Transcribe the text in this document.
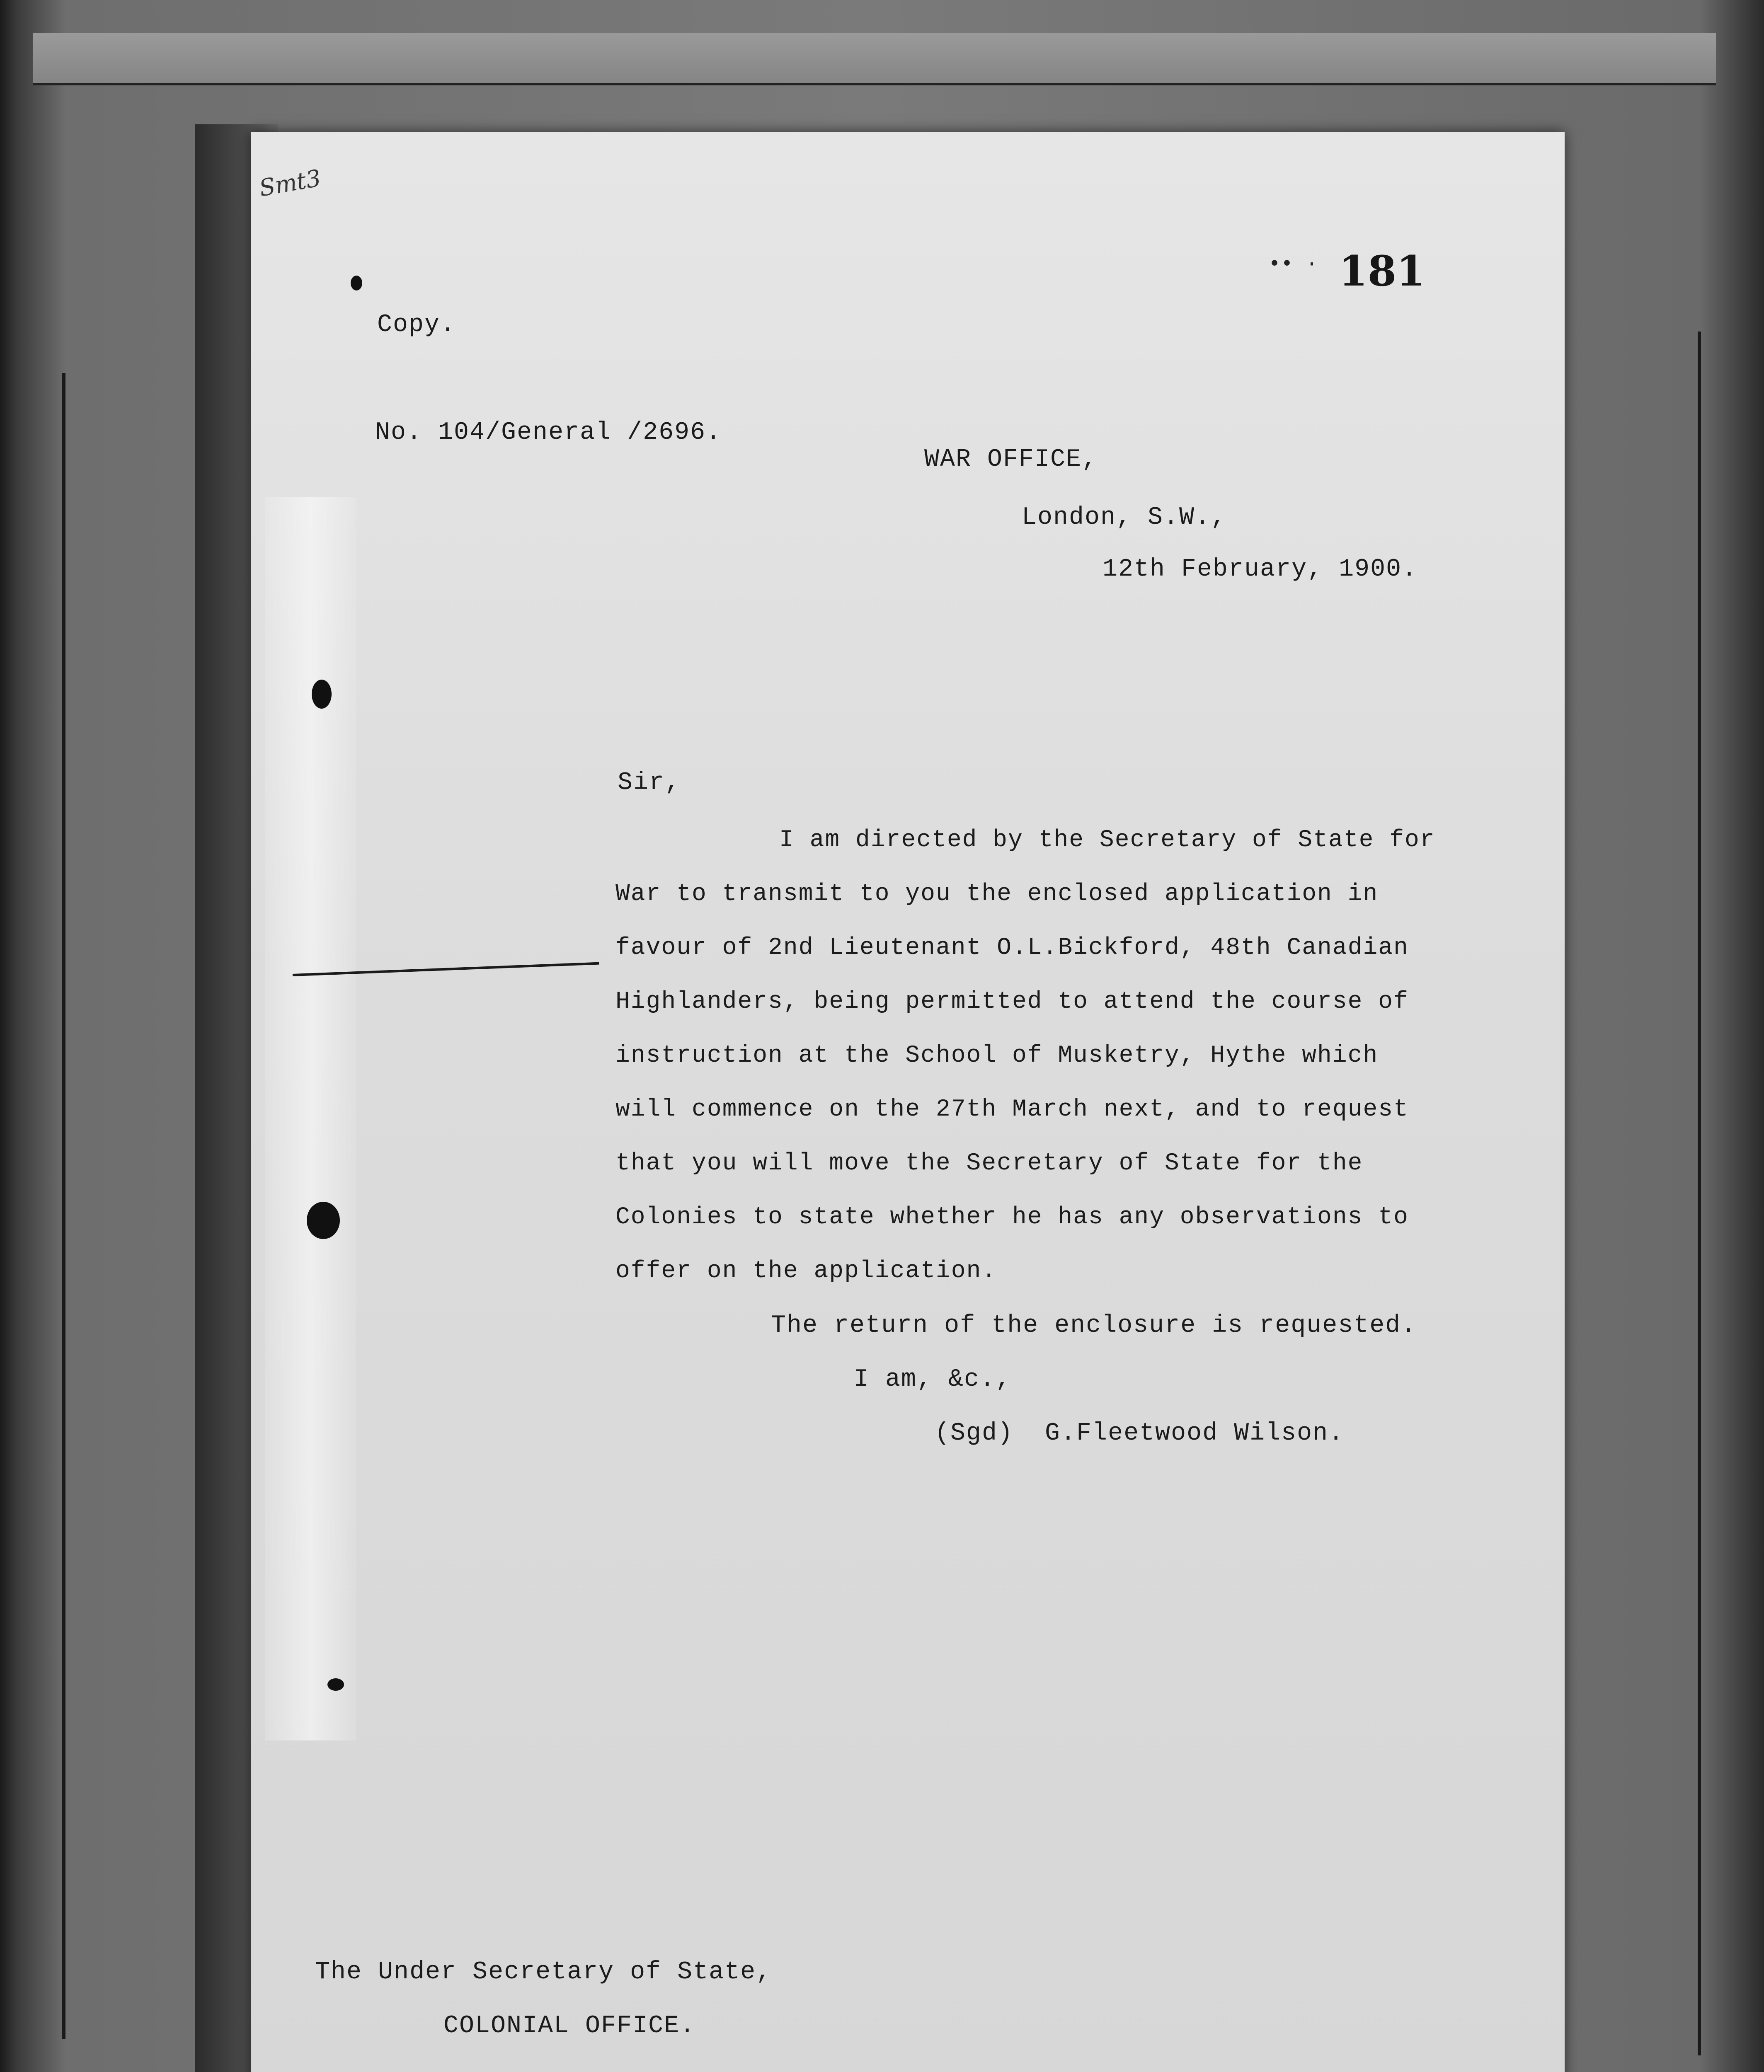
Smt3
•• · 181
Copy.
No. 104/General /2696.
WAR OFFICE,
London, S.W.,
12th February, 1900.
Sir,
I am directed by the Secretary of State for
War to transmit to you the enclosed application in
favour of 2nd Lieutenant O.L.Bickford, 48th Canadian
Highlanders, being permitted to attend the course of
instruction at the School of Musketry, Hythe which
will commence on the 27th March next, and to request
that you will move the Secretary of State for the
Colonies to state whether he has any observations to
offer on the application.
The return of the enclosure is requested.
I am, &c.,
(Sgd)  G.Fleetwood Wilson.
The Under Secretary of State,
COLONIAL OFFICE.
